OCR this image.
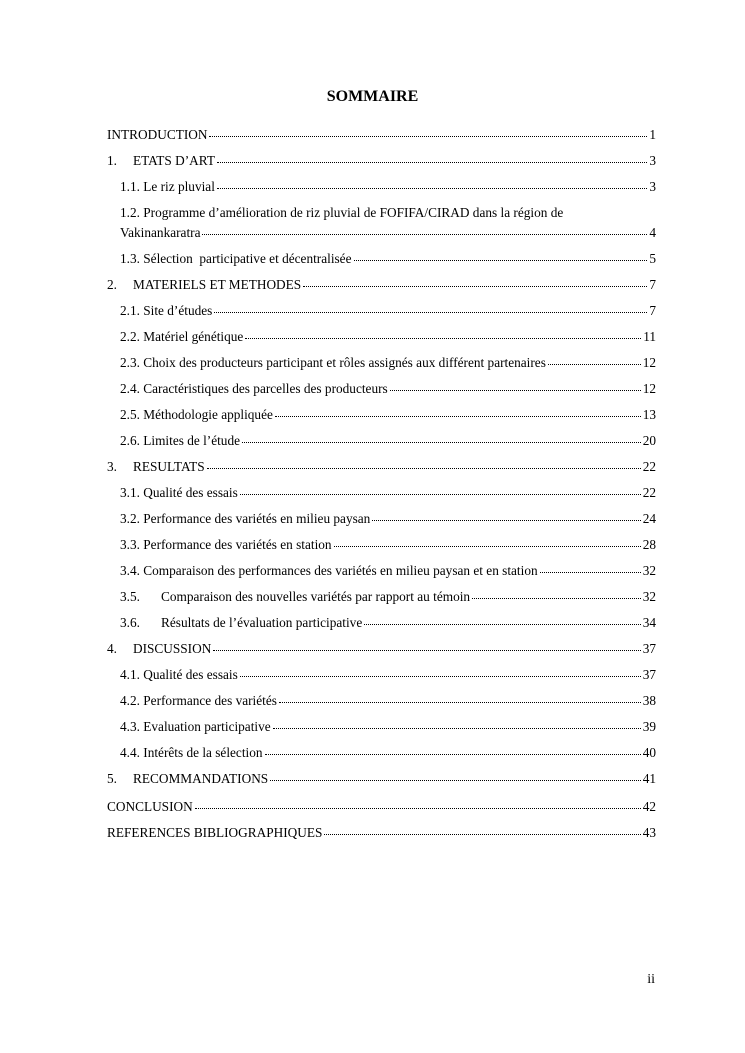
SOMMAIRE
INTRODUCTION	1
1.	ETATS D’ART	3
1.1. Le riz pluvial	3
1.2. Programme d’amélioration de riz pluvial de FOFIFA/CIRAD dans la région de
Vakinankaratra	4
1.3. Sélection  participative et décentralisée	5
2.	MATERIELS ET METHODES	7
2.1. Site d’études	7
2.2. Matériel génétique	11
2.3. Choix des producteurs participant et rôles assignés aux différent partenaires	12
2.4. Caractéristiques des parcelles des producteurs	12
2.5. Méthodologie appliquée	13
2.6. Limites de l’étude	20
3.	RESULTATS	22
3.1. Qualité des essais	22
3.2. Performance des variétés en milieu paysan	24
3.3. Performance des variétés en station	28
3.4. Comparaison des performances des variétés en milieu paysan et en station	32
3.5.	Comparaison des nouvelles variétés par rapport au témoin	32
3.6.	Résultats de l’évaluation participative	34
4.	DISCUSSION	37
4.1. Qualité des essais	37
4.2. Performance des variétés	38
4.3. Evaluation participative	39
4.4. Intérêts de la sélection	40
5.	RECOMMANDATIONS	41
CONCLUSION	42
REFERENCES BIBLIOGRAPHIQUES	43
ii
